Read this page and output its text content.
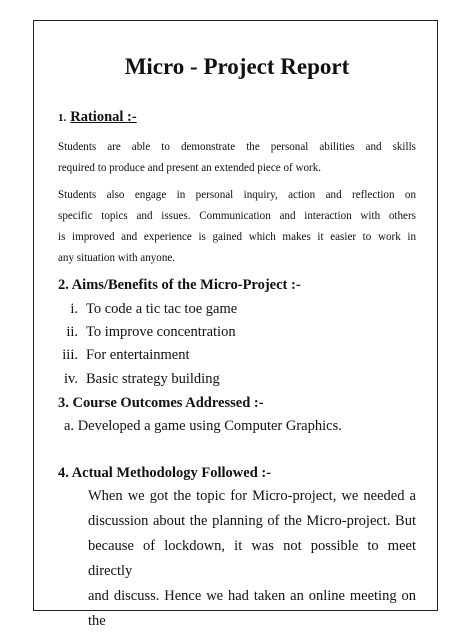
Micro - Project Report
1. Rational :-
Students are able to demonstrate the personal abilities and skills
required to produce and present an extended piece of work.
Students also engage in personal inquiry, action and reflection on
specific topics and issues. Communication and interaction with others
is improved and experience is gained which makes it easier to work in
any situation with anyone.
2. Aims/Benefits of the Micro-Project :-
i. To code a tic tac toe game
ii. To improve concentration
iii. For entertainment
iv. Basic strategy building
3. Course Outcomes Addressed :-
a. Developed a game using Computer Graphics.
4. Actual Methodology Followed :-
When we got the topic for Micro-project, we needed a
discussion about the planning of the Micro-project. But
because of lockdown, it was not possible to meet directly
and discuss. Hence we had taken an online meeting on the
